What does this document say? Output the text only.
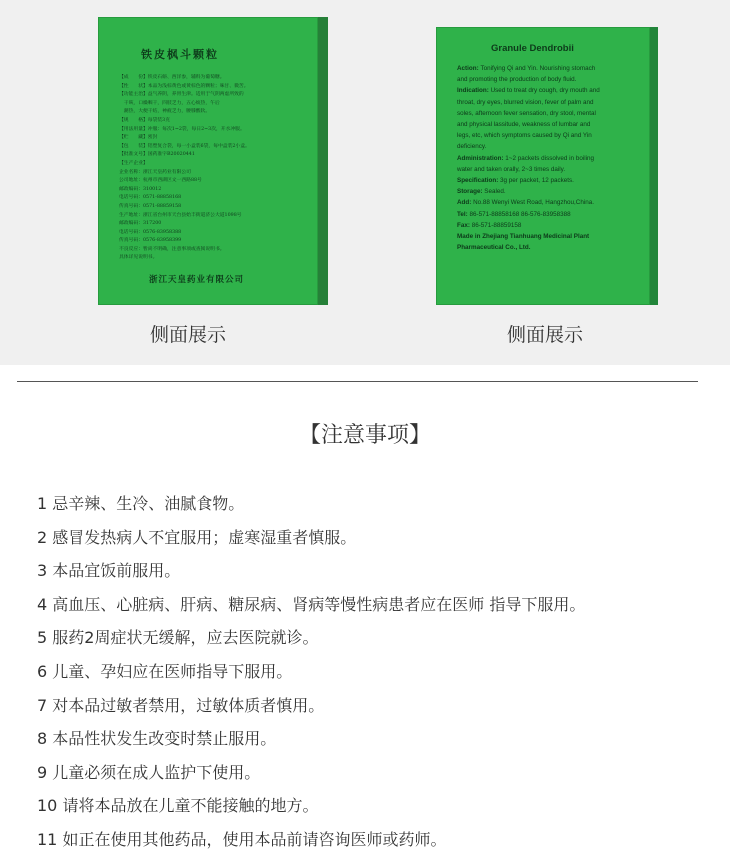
铁皮枫斗颗粒
【成　　份】铁皮石斛、西洋参，辅料为葡萄糖。
【性　　状】本品为浅棕黄色或黄棕色的颗粒；味甘、微苦。
【功能主治】益气养阴，养胃生津。适用于气阴两虚所致的
　干咳，口燥咽干，四肢乏力，五心烦热，午后
　潮热，大便干结，神疲乏力，腰膝酸软。
【规　　格】每袋装3克
【用法用量】冲服：每次1~2袋，每日2~3次，开水冲服。
【贮　　藏】密封
【包　　装】铝塑复合袋，每一小盒装6袋，每中盒装2小盒。
【批准文号】国药准字B20020441
【生产企业】
企业名称：浙江天皇药业有限公司
公司地址：杭州市西湖区文一西路88号
邮政编码：310012
电话号码：0571-88858168
传真号码：0571-88859158
生产地址：浙江省台州市天台县始丰街道济公大道1098号
邮政编码：317200
电话号码：0576-83958388
传真号码：0576-83958399
不良反应：暂尚不明确，注意事项或查阅说明书。
具体详见说明书。
浙江天皇药业有限公司
侧面展示
Granule Dendrobii
Action: Tonifying Qi and Yin. Nourishing stomach
and promoting the production of body fluid.
Indication: Used to treat dry cough, dry mouth and
throat, dry eyes, blurred vision, fever of palm and
soles, afternoon fever sensation, dry stool, mental
and physical lassitude, weakness of lumbar and
legs, etc, which symptoms caused by Qi and Yin
deficiency.
Administration: 1~2 packets dissolved in boiling
water and taken orally, 2~3 times daily.
Specification: 3g per packet, 12 packets.
Storage: Sealed.
Add: No.88 Wenyi West Road, Hangzhou,China.
Tel: 86-571-88858168 86-576-83958388
Fax: 86-571-88859158
Made in Zhejiang Tianhuang Medicinal Plant
Pharmaceutical Co., Ltd.
侧面展示
【注意事项】
1 忌辛辣、生冷、油腻食物。
2 感冒发热病人不宜服用；虚寒湿重者慎服。
3 本品宜饭前服用。
4 高血压、心脏病、肝病、糖尿病、肾病等慢性病患者应在医师 指导下服用。
5 服药2周症状无缓解，应去医院就诊。
6 儿童、孕妇应在医师指导下服用。
7 对本品过敏者禁用，过敏体质者慎用。
8 本品性状发生改变时禁止服用。
9 儿童必须在成人监护下使用。
10 请将本品放在儿童不能接触的地方。
11 如正在使用其他药品，使用本品前请咨询医师或药师。
